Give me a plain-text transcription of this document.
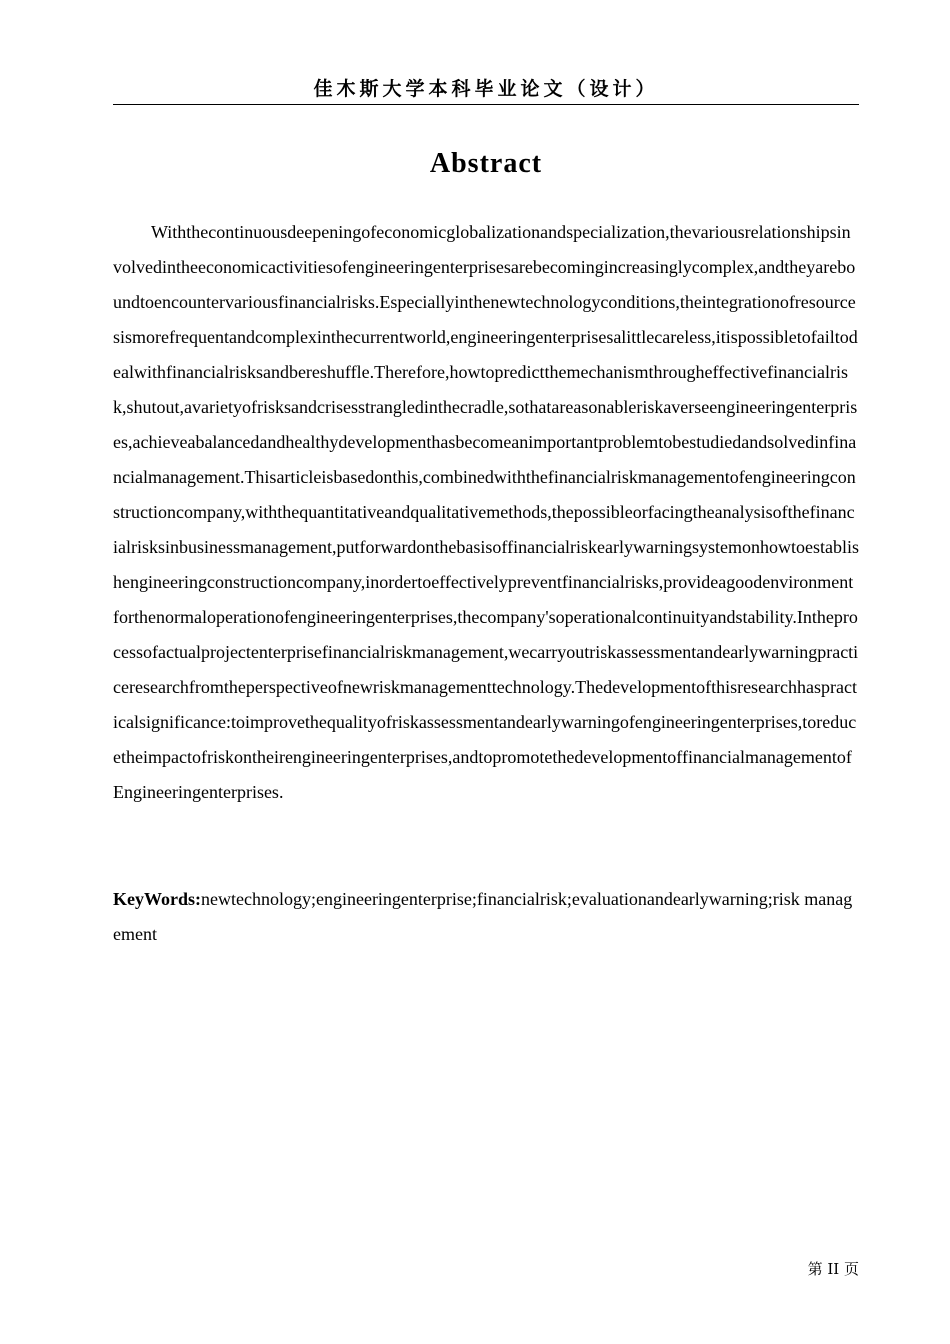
佳木斯大学本科毕业论文（设计）
Abstract

Withthecontinuousdeepeningofeconomicglobalizationandspecialization,thevariousrelationshipsinvolvedintheeconomicactivitiesofengineeringenterprisesarebecomingincreasinglycomplex,andtheyareboundtoencountervariousfinancialrisks.Especiallyinthenewtechnologyconditions,theintegrationofresourcesismorefrequentandcomplexinthecurrentworld,engineeringenterprisesalittlecareless,itispossibletofailtodealwithfinancialrisksandbereshuffle.Therefore,howtopredictthemechanismthrougheffectivefinancialrisk,shutout,avarietyofrisksandcrisesstrangledinthecradle,sothatareasonableriskaverseengineeringenterprises,achieveabalancedandhealthydevelopmenthasbecomeanimportantproblemtobestudiedandsolvedinfinancialmanagement.Thisarticleisbasedonthis,combinedwiththefinancialriskmanagementofengineeringconstructioncompany,withthequantitativeandqualitativemethods,thepossibleorfacingtheanalysisofthefinancialrisksinbusinessmanagement,putforwardonthebasisoffinancialriskearlywarningsystemonhowtoestablishengineeringconstructioncompany,inordertoeffectivelypreventfinancialrisks,provideagoodenvironmentforthenormaloperationofengineeringenterprises,thecompany'soperationalcontinuityandstability.Intheprocessofactualprojectenterprisefinancialriskmanagement,wecarryoutriskassessmentandearlywarningpracticeresearchfromtheperspectiveofnewriskmanagementtechnology.Thedevelopmentofthisresearchhaspracticalsignificance:toimprovethequalityofriskassessmentandearlywarningofengineeringenterprises,toreducetheimpactofriskontheirengineeringenterprises,andtopromotethedevelopmentoffinancialmanagementofEngineeringenterprises.

KeyWords:newtechnology;engineeringenterprise;financialrisk;evaluationandearlywarning;risk management

第 II 页
